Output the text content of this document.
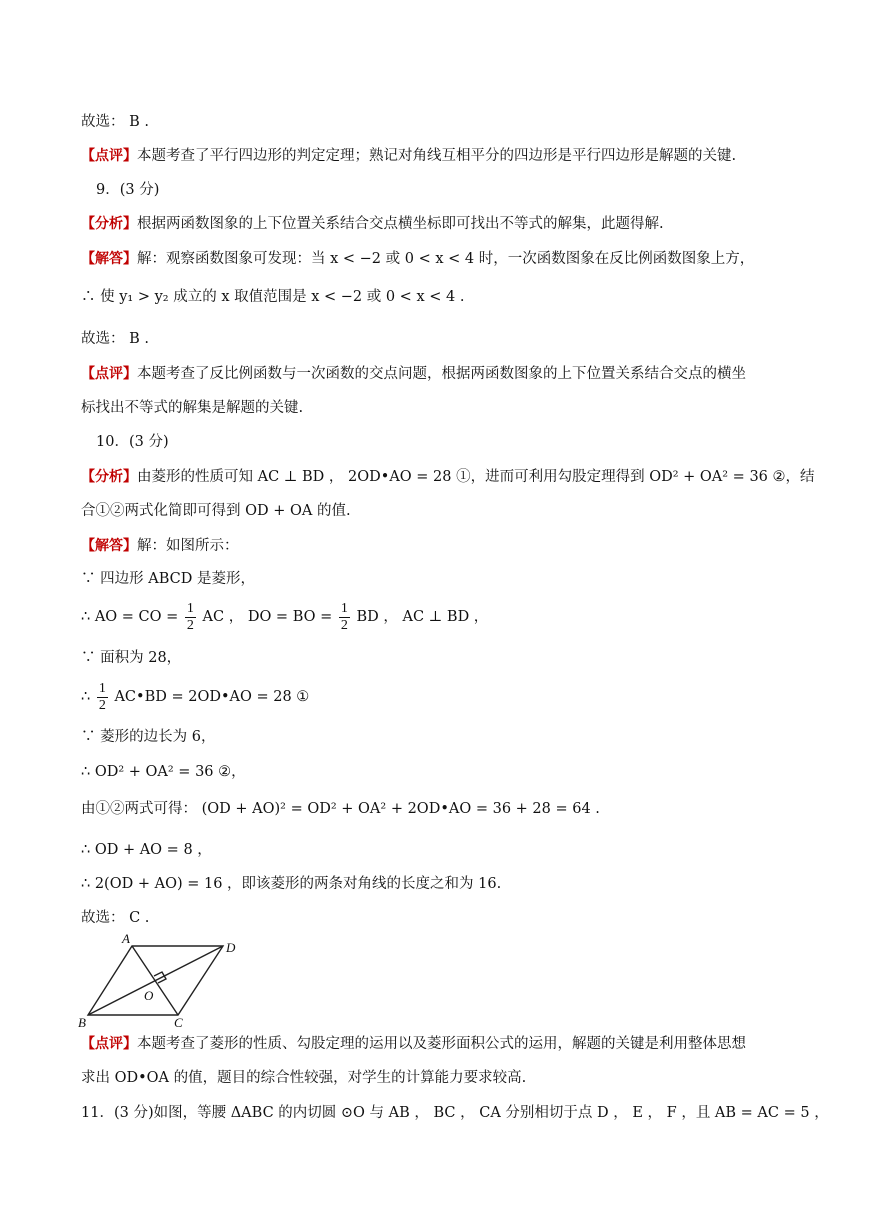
故选： B .
【点评】本题考查了平行四边形的判定定理；熟记对角线互相平分的四边形是平行四边形是解题的关键.
9．(3 分)
【分析】根据两函数图象的上下位置关系结合交点横坐标即可找出不等式的解集，此题得解.
【解答】解：观察函数图象可发现：当 x < −2 或 0 < x < 4 时，一次函数图象在反比例函数图象上方，
∴ 使 y₁ > y₂ 成立的 x 取值范围是 x < −2 或 0 < x < 4 .
故选： B .
【点评】本题考查了反比例函数与一次函数的交点问题，根据两函数图象的上下位置关系结合交点的横坐
标找出不等式的解集是解题的关键.
10．(3 分)
【分析】由菱形的性质可知 AC ⊥ BD ， 2OD•AO = 28 ①，进而可利用勾股定理得到 OD² + OA² = 36 ②，结
合①②两式化简即可得到 OD + OA 的值.
【解答】解：如图所示：
∵ 四边形 ABCD 是菱形，
∴ AO = CO = $\frac{1}{2}$ AC ， DO = BO = $\frac{1}{2}$ BD ， AC ⊥ BD ，
∵ 面积为 28，
∴ $\frac{1}{2}$ AC•BD = 2OD•AO = 28 ①
∵ 菱形的边长为 6，
∴ OD² + OA² = 36 ②，
由①②两式可得： (OD + AO)² = OD² + OA² + 2OD•AO = 36 + 28 = 64 .
∴ OD + AO = 8 ，
∴ 2(OD + AO) = 16 ，即该菱形的两条对角线的长度之和为 16.
故选： C .
A
D
O
B	C
【点评】本题考查了菱形的性质、勾股定理的运用以及菱形面积公式的运用，解题的关键是利用整体思想
求出 OD•OA 的值，题目的综合性较强，对学生的计算能力要求较高.
11．(3 分)如图，等腰 ΔABC 的内切圆 ⊙O 与 AB ， BC ， CA 分别相切于点 D ， E ， F ，且 AB = AC = 5 ，
